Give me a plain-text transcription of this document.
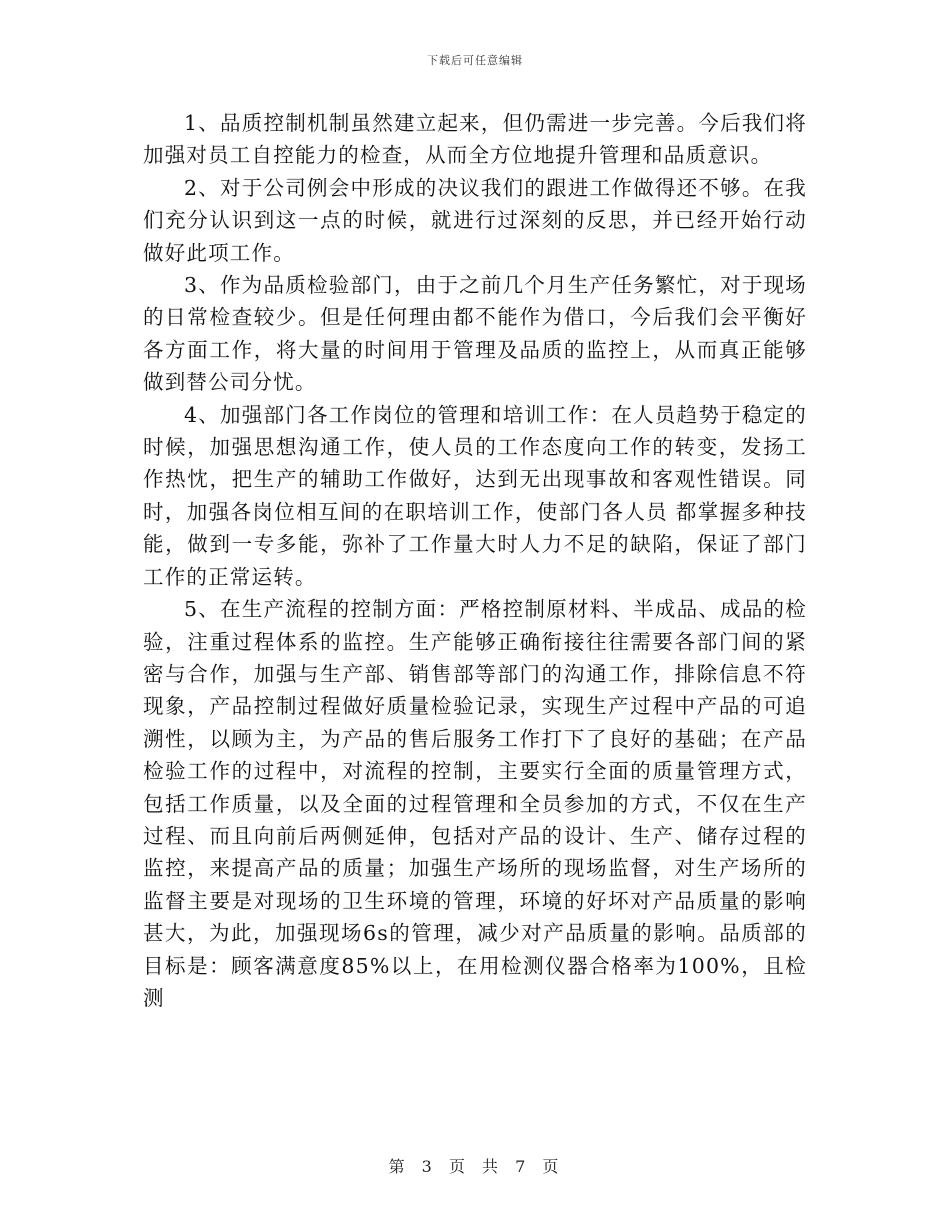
下载后可任意编辑

1、品质控制机制虽然建立起来，但仍需进一步完善。今后我们将加强对员工自控能力的检查，从而全方位地提升管理和品质意识。

2、对于公司例会中形成的决议我们的跟进工作做得还不够。在我们充分认识到这一点的时候，就进行过深刻的反思，并已经开始行动做好此项工作。

3、作为品质检验部门，由于之前几个月生产任务繁忙，对于现场的日常检查较少。但是任何理由都不能作为借口，今后我们会平衡好各方面工作，将大量的时间用于管理及品质的监控上，从而真正能够做到替公司分忧。

4、加强部门各工作岗位的管理和培训工作：在人员趋势于稳定的时候，加强思想沟通工作，使人员的工作态度向工作的转变，发扬工作热忱，把生产的辅助工作做好，达到无出现事故和客观性错误。同时，加强各岗位相互间的在职培训工作，使部门各人员 都掌握多种技能，做到一专多能，弥补了工作量大时人力不足的缺陷，保证了部门工作的正常运转。

5、在生产流程的控制方面：严格控制原材料、半成品、成品的检验，注重过程体系的监控。生产能够正确衔接往往需要各部门间的紧密与合作，加强与生产部、销售部等部门的沟通工作，排除信息不符现象，产品控制过程做好质量检验记录，实现生产过程中产品的可追溯性，以顾为主，为产品的售后服务工作打下了良好的基础；在产品检验工作的过程中，对流程的控制，主要实行全面的质量管理方式，包括工作质量，以及全面的过程管理和全员参加的方式，不仅在生产过程、而且向前后两侧延伸，包括对产品的设计、生产、储存过程的监控，来提高产品的质量；加强生产场所的现场监督，对生产场所的监督主要是对现场的卫生环境的管理，环境的好坏对产品质量的影响甚大，为此，加强现场6s的管理，减少对产品质量的影响。品质部的目标是：顾客满意度85%以上，在用检测仪器合格率为100%，且检测

第 3 页 共 7 页
